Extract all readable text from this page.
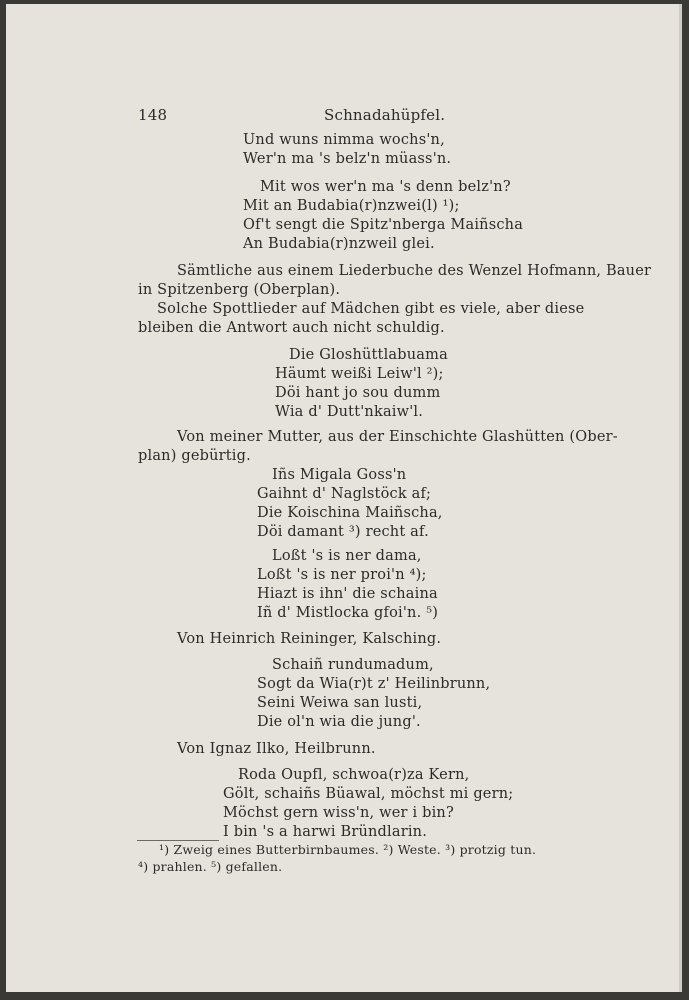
148	Schnadahüpfel.
Und wuns nimma wochs'n,
Wer'n ma 's belz'n müass'n.
Mit wos wer'n ma 's denn belz'n?
Mit an Budabia(r)nzwei(l) ¹);
Of't sengt die Spitz'nberga Maiñscha
An Budabia(r)nzweil glei.
Sämtliche aus einem Liederbuche des Wenzel Hofmann, Bauer
in Spitzenberg (Oberplan).
Solche Spottlieder auf Mädchen gibt es viele, aber diese
bleiben die Antwort auch nicht schuldig.
Die Gloshüttlabuama
Häumt weißi Leiw'l ²);
Döi hant jo sou dumm
Wia d' Dutt'nkaiw'l.
Von meiner Mutter, aus der Einschichte Glashütten (Ober-
plan) gebürtig.
Iñs Migala Goss'n
Gaihnt d' Naglstöck af;
Die Koischina Maiñscha,
Döi damant ³) recht af.
Loßt 's is ner dama,
Loßt 's is ner proi'n ⁴);
Hiazt is ihn' die schaina
Iñ d' Mistlocka gfoi'n. ⁵)
Von Heinrich Reininger, Kalsching.
Schaiñ rundumadum,
Sogt da Wia(r)t z' Heilinbrunn,
Seini Weiwa san lusti,
Die ol'n wia die jung'.
Von Ignaz Ilko, Heilbrunn.
Roda Oupfl, schwoa(r)za Kern,
Gölt, schaiñs Büawal, möchst mi gern;
Möchst gern wiss'n, wer i bin?
I bin 's a harwi Bründlarin.
¹) Zweig eines Butterbirnbaumes. ²) Weste. ³) protzig tun.
⁴) prahlen. ⁵) gefallen.
